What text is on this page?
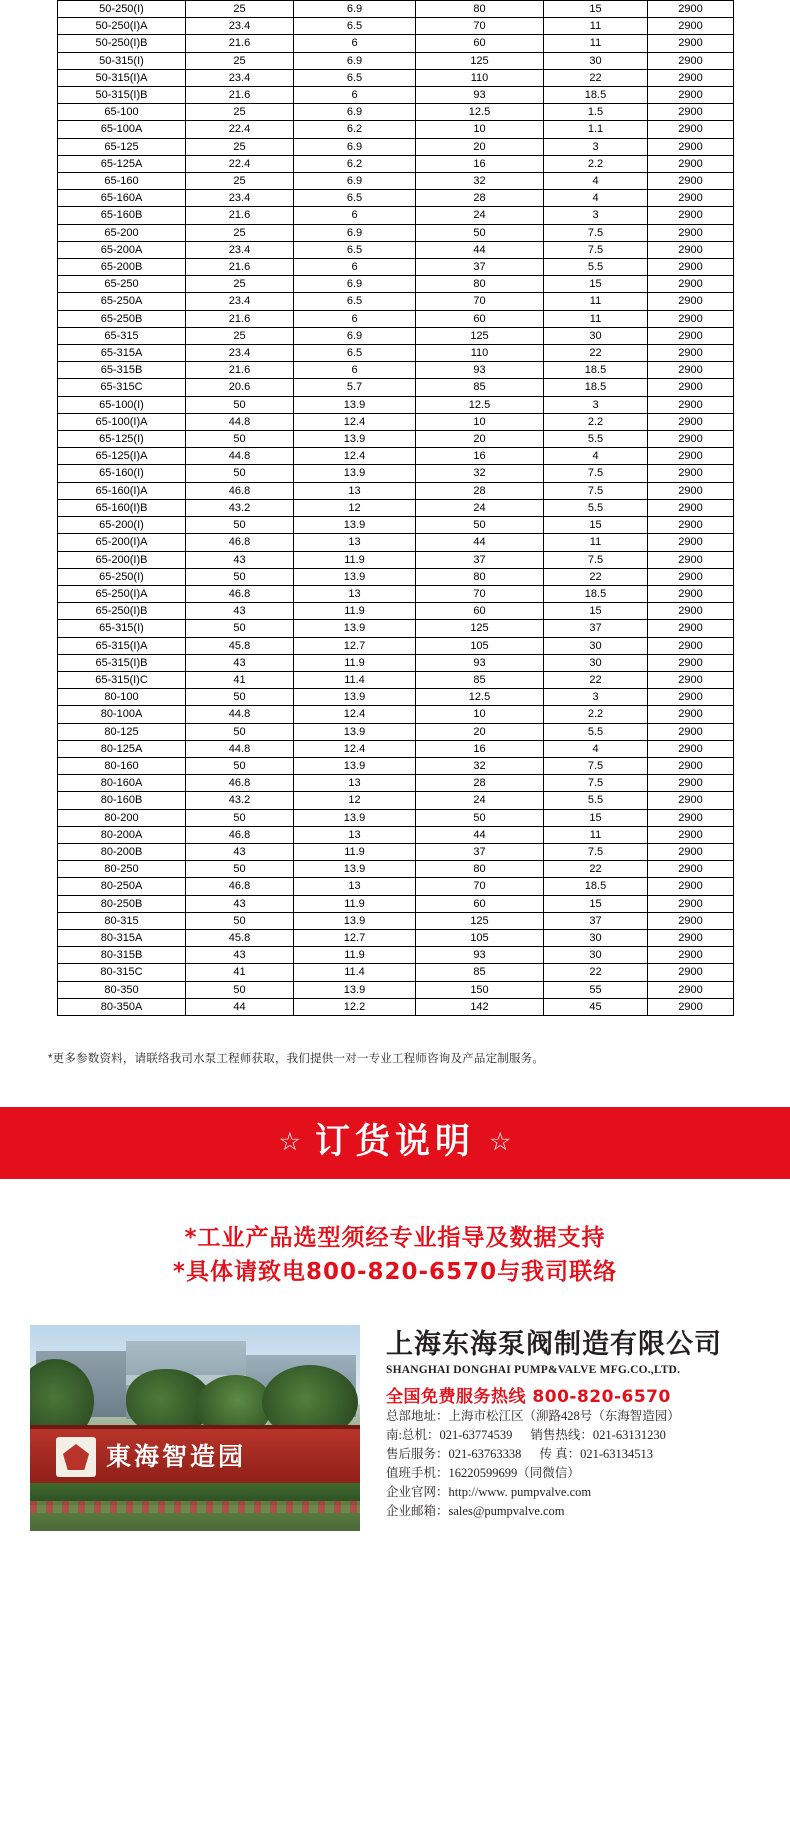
50-250(I)	25	6.9	80	15	2900
50-250(I)A	23.4	6.5	70	11	2900
50-250(I)B	21.6	6	60	11	2900
50-315(I)	25	6.9	125	30	2900
50-315(I)A	23.4	6.5	110	22	2900
50-315(I)B	21.6	6	93	18.5	2900
65-100	25	6.9	12.5	1.5	2900
65-100A	22.4	6.2	10	1.1	2900
65-125	25	6.9	20	3	2900
65-125A	22.4	6.2	16	2.2	2900
65-160	25	6.9	32	4	2900
65-160A	23.4	6.5	28	4	2900
65-160B	21.6	6	24	3	2900
65-200	25	6.9	50	7.5	2900
65-200A	23.4	6.5	44	7.5	2900
65-200B	21.6	6	37	5.5	2900
65-250	25	6.9	80	15	2900
65-250A	23.4	6.5	70	11	2900
65-250B	21.6	6	60	11	2900
65-315	25	6.9	125	30	2900
65-315A	23.4	6.5	110	22	2900
65-315B	21.6	6	93	18.5	2900
65-315C	20.6	5.7	85	18.5	2900
65-100(I)	50	13.9	12.5	3	2900
65-100(I)A	44.8	12.4	10	2.2	2900
65-125(I)	50	13.9	20	5.5	2900
65-125(I)A	44.8	12.4	16	4	2900
65-160(I)	50	13.9	32	7.5	2900
65-160(I)A	46.8	13	28	7.5	2900
65-160(I)B	43.2	12	24	5.5	2900
65-200(I)	50	13.9	50	15	2900
65-200(I)A	46.8	13	44	11	2900
65-200(I)B	43	11.9	37	7.5	2900
65-250(I)	50	13.9	80	22	2900
65-250(I)A	46.8	13	70	18.5	2900
65-250(I)B	43	11.9	60	15	2900
65-315(I)	50	13.9	125	37	2900
65-315(I)A	45.8	12.7	105	30	2900
65-315(I)B	43	11.9	93	30	2900
65-315(I)C	41	11.4	85	22	2900
80-100	50	13.9	12.5	3	2900
80-100A	44.8	12.4	10	2.2	2900
80-125	50	13.9	20	5.5	2900
80-125A	44.8	12.4	16	4	2900
80-160	50	13.9	32	7.5	2900
80-160A	46.8	13	28	7.5	2900
80-160B	43.2	12	24	5.5	2900
80-200	50	13.9	50	15	2900
80-200A	46.8	13	44	11	2900
80-200B	43	11.9	37	7.5	2900
80-250	50	13.9	80	22	2900
80-250A	46.8	13	70	18.5	2900
80-250B	43	11.9	60	15	2900
80-315	50	13.9	125	37	2900
80-315A	45.8	12.7	105	30	2900
80-315B	43	11.9	93	30	2900
80-315C	41	11.4	85	22	2900
80-350	50	13.9	150	55	2900
80-350A	44	12.2	142	45	2900
*更多参数资料，请联络我司水泵工程师获取，我们提供一对一专业工程师咨询及产品定制服务。
☆ 订货说明 ☆
*工业产品选型须经专业指导及数据支持
*具体请致电800-820-6570与我司联络
東海智造园
上海东海泵阀制造有限公司
SHANGHAI DONGHAI PUMP&VALVE MFG.CO.,LTD.
全国免费服务热线 800-820-6570
总部地址：上海市松江区（泖路428号（东海智造园）
南:总机：021-63774539 销售热线：021-63131230
售后服务：021-63763338 传 真：021-63134513
值班手机：16220599699（同微信）
企业官网：http://www. pumpvalve.com
企业邮箱：sales@pumpvalve.com
